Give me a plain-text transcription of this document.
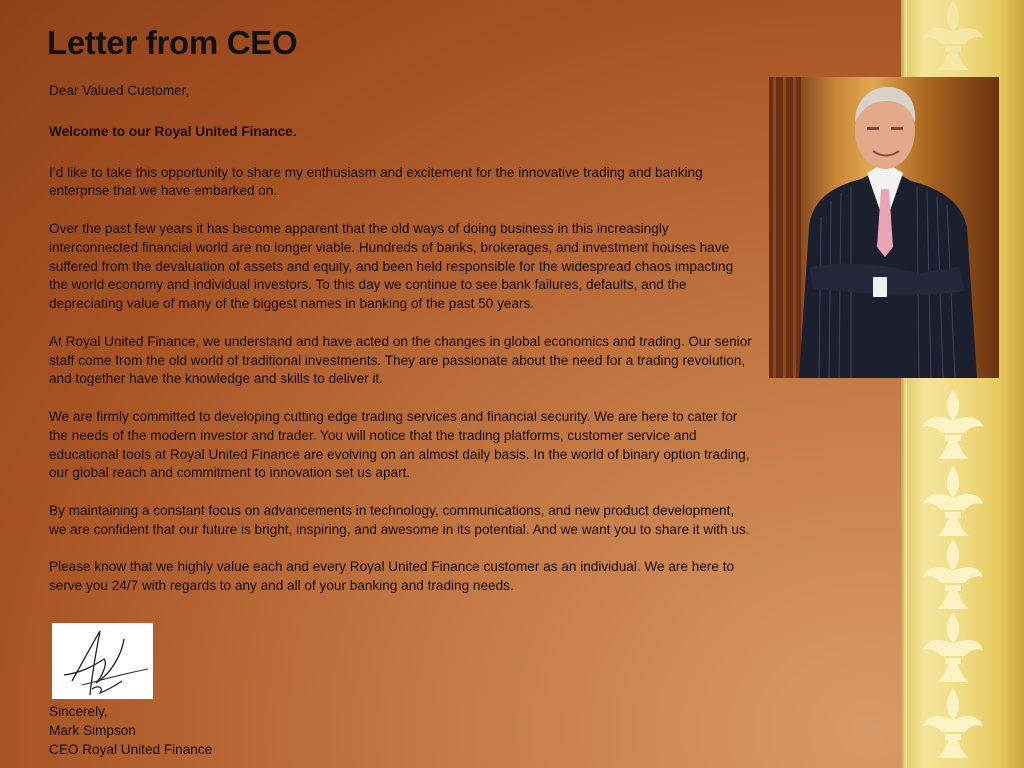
Letter from CEO

Dear Valued Customer,

Welcome to our Royal United Finance.

I’d like to take this opportunity to share my enthusiasm and excitement for the innovative trading and banking enterprise that we have embarked on.

Over the past few years it has become apparent that the old ways of doing business in this increasingly interconnected financial world are no longer viable. Hundreds of banks, brokerages, and investment houses have suffered from the devaluation of assets and equity, and been held responsible for the widespread chaos impacting the world economy and individual investors. To this day we continue to see bank failures, defaults, and the depreciating value of many of the biggest names in banking of the past 50 years.

At Royal United Finance, we understand and have acted on the changes in global economics and trading. Our senior staff come from the old world of traditional investments. They are passionate about the need for a trading revolution, and together have the knowledge and skills to deliver it.

We are firmly committed to developing cutting edge trading services and financial security. We are here to cater for the needs of the modern investor and trader. You will notice that the trading platforms, customer service and educational tools at Royal United Finance are evolving on an almost daily basis. In the world of binary option trading, our global reach and commitment to innovation set us apart.

By maintaining a constant focus on advancements in technology, communications, and new product development, we are confident that our future is bright, inspiring, and awesome in its potential. And we want you to share it with us.

Please know that we highly value each and every Royal United Finance customer as an individual. We are here to serve you 24/7 with regards to any and all of your banking and trading needs.

Sincerely,
Mark Simpson
CEO Royal United Finance
